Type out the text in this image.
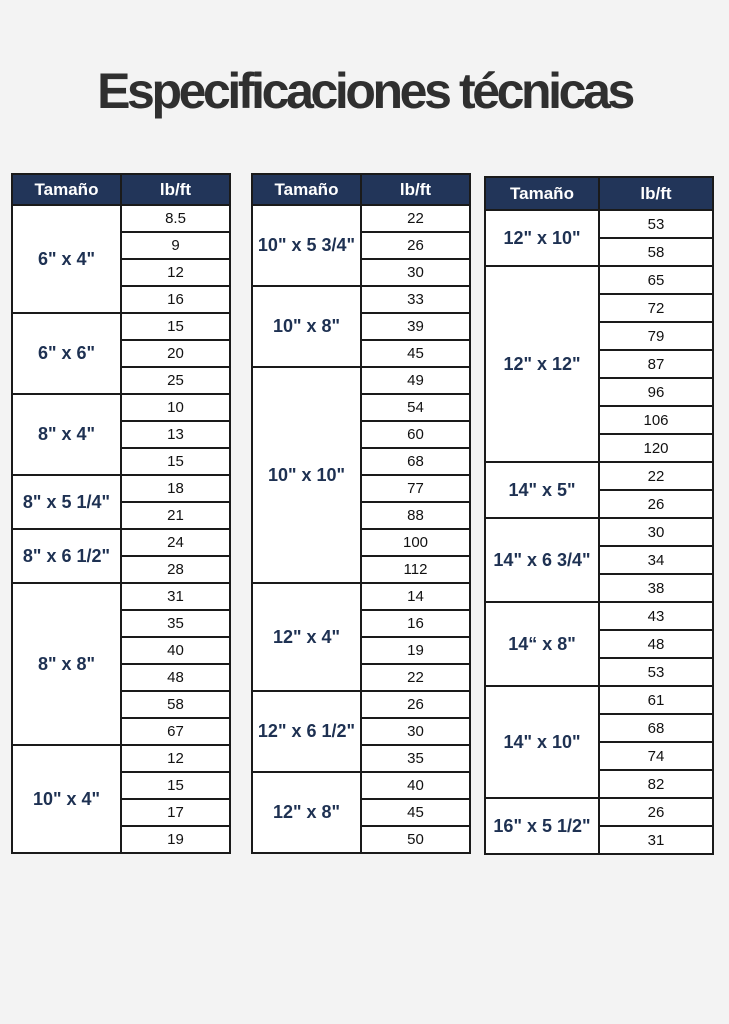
Especificaciones técnicas
Tamaño	lb/ft
6" x 4"	8.5
	9
	12
	16
6" x 6"	15
	20
	25
8" x 4"	10
	13
	15
8" x 5 1/4"	18
	21
8" x 6 1/2"	24
	28
8" x 8"	31
	35
	40
	48
	58
	67
10" x 4"	12
	15
	17
	19
Tamaño	lb/ft
10" x 5 3/4"	22
	26
	30
10" x 8"	33
	39
	45
10" x 10"	49
	54
	60
	68
	77
	88
	100
	112
12" x 4"	14
	16
	19
	22
12" x 6 1/2"	26
	30
	35
12" x 8"	40
	45
	50
Tamaño	lb/ft
12" x 10"	53
	58
12" x 12"	65
	72
	79
	87
	96
	106
	120
14" x 5"	22
	26
14" x 6 3/4"	30
	34
	38
14“ x 8"	43
	48
	53
14" x 10"	61
	68
	74
	82
16" x 5 1/2"	26
	31
